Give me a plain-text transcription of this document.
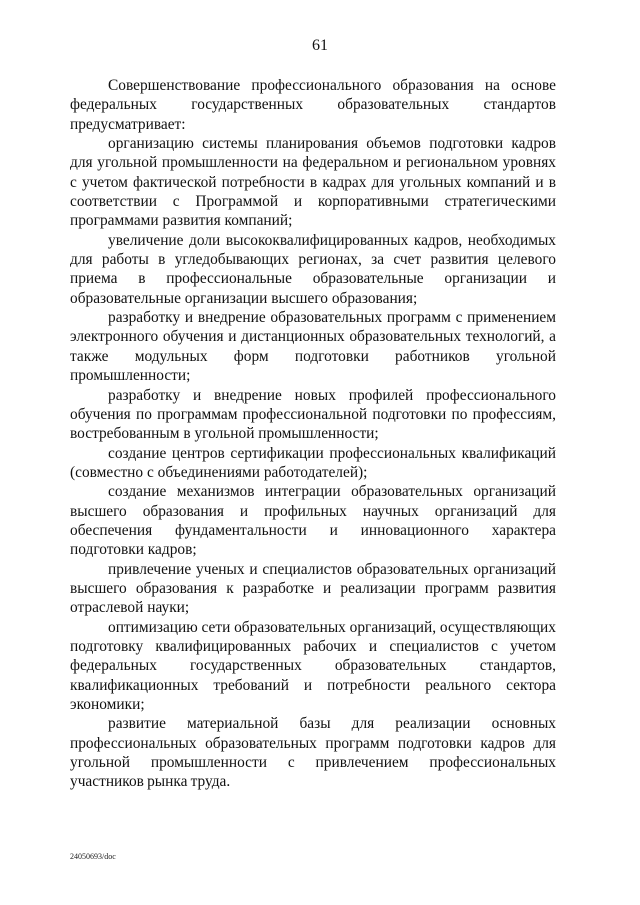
61

Совершенствование профессионального образования на основе федеральных государственных образовательных стандартов предусматривает:

организацию системы планирования объемов подготовки кадров для угольной промышленности на федеральном и региональном уровнях с учетом фактической потребности в кадрах для угольных компаний и в соответствии с Программой и корпоративными стратегическими программами развития компаний;

увеличение доли высококвалифицированных кадров, необходимых для работы в угледобывающих регионах, за счет развития целевого приема в профессиональные образовательные организации и образовательные организации высшего образования;

разработку и внедрение образовательных программ с применением электронного обучения и дистанционных образовательных технологий, а также модульных форм подготовки работников угольной промышленности;

разработку и внедрение новых профилей профессионального обучения по программам профессиональной подготовки по профессиям, востребованным в угольной промышленности;

создание центров сертификации профессиональных квалификаций (совместно с объединениями работодателей);

создание механизмов интеграции образовательных организаций высшего образования и профильных научных организаций для обеспечения фундаментальности и инновационного характера подготовки кадров;

привлечение ученых и специалистов образовательных организаций высшего образования к разработке и реализации программ развития отраслевой науки;

оптимизацию сети образовательных организаций, осуществляющих подготовку квалифицированных рабочих и специалистов с учетом федеральных государственных образовательных стандартов, квалификационных требований и потребности реального сектора экономики;

развитие материальной базы для реализации основных профессиональных образовательных программ подготовки кадров для угольной промышленности с привлечением профессиональных участников рынка труда.

24050693/doc
